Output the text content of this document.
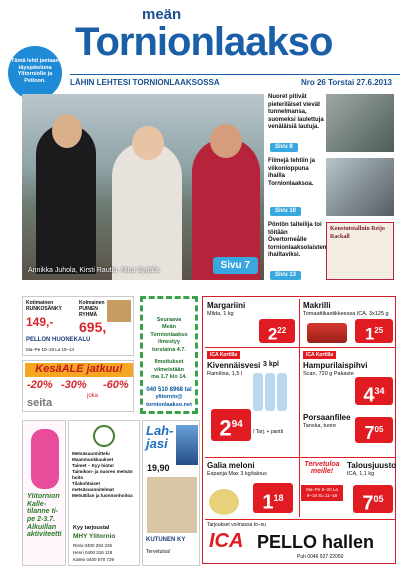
meän
Tornionlaakso
LÄHIN LEHTESI TORNIONLAAKSOSSA	Nro 26 Torstai 27.6.2013
Tämä lehti jaetaan täysjakeluna Ylitorniolle ja Pelloon.
Annikka Juhola, Kirsti Rautio, Nina Syrjälä.	Sivu 7
Nuoret pitivät pieteriläiset vievät tunnelmansa, suomeksi laulettuja venäläisiä lauluja.
Sivu 8
Filmejä tehtiin ja viikonloppuna ihailla Tornionlaaksoa.
Sivu 10
Pöntön taiteilija toi töitään Övertorneålle tornionlaaksolaisten ihailtaviksi.
Konstutstallnin Reijo Rackall
Sivu 13
Kotimainen RUNKOSÄNKY
149,-
Kolmainen PUINEN RYHMÄ
695,
PELLON HUONEKALU
Ma–Pe 10–18 La 10–14
KesäALE jatkuu!
-20% -30% -60%
joka
seita
Seuraava
Meän
Tornionlaakso
ilmestyy
torstaina 4.7.
Ilmoitukset
viimeistään
ma 1.7 klo 14.
040 510 8968 tai
ylitornio@
tornionlaakso.net
Ylitornion Kalle-tilanne ti-pe 2-3.7. Alkuillan aktiviteetti
Metsäsuunnittelu
Maanmuokkaukset
Taimet – Kyy hinta!
Taimikon- ja nuoren metsän hoito
Tilakohtaiset metsäsuunnitelmat
Metsätilan ja luonnonhoitoa
Kyy tarjoustal
MHY Ylitornio
Risto 0400 294 226
Henri 0400 216 118
Kalevi 0400 570 729
Lah-
jasi
19,90
KUTUNEN KY
Tervetuloa!
Margariini
Milda, 1 kg
$2^{22}$
Makrilli
Tomaattikastikkeessa ICA, 3x125 g
$1^{25}$
ICA Kortilla
Kivennäisvesi
Ramlösa, 1,5 l
3 kpl
$2^{94}$
/ Tarj. + pantti
ICA Kortilla
Hampurilaispihvi
Scan, 720 g Pakaste
$4^{34}$
Porsaanfilee
Tanska, tuore	$7^{05}$
Galia meloni
Espanja Max 3 kg/talous
$1^{18}$
Tervetuloa meille!
Ma–Pe 9–20 La 9–18 Su 11–18
Talousjuusto
ICA, 1,1 kg
$7^{05}$
Tarjoukset voimassa to–su
ICA PELLO hallen
Puh 0046 927 22050
